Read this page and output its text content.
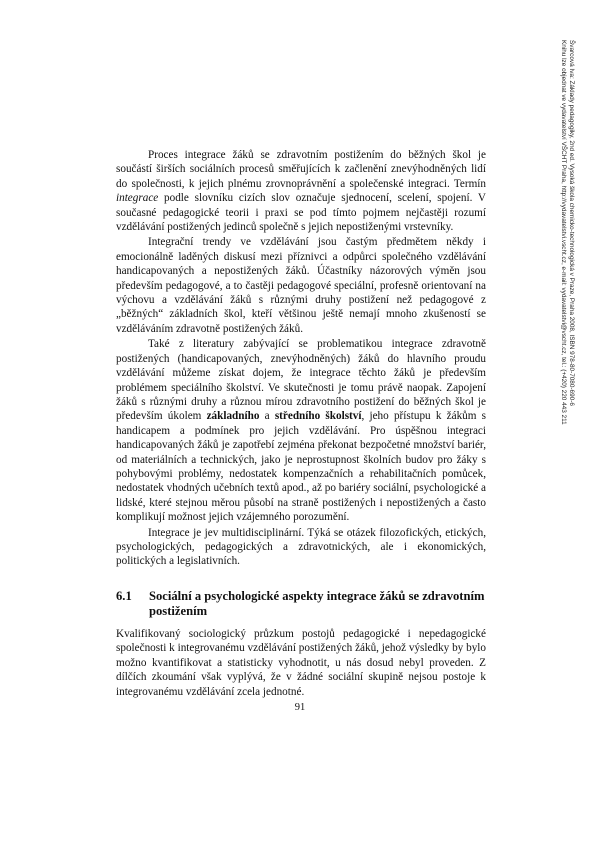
Švarcová Iva: Základy pedagogiky, 2nd ed. Vysoká škola chemicko-technologická v Praze, Praha 2008, ISBN 978-80-7080-690-6
Knihu lze objednat ve vydavatelství VŠCHT Praha, http://vydavatelstvi.vscht.cz, e-mail: vydavatelstvi@vscht.cz, tel.: (+420) 220 443 211

Proces integrace žáků se zdravotním postižením do běžných škol je součástí širších sociálních procesů směřujících k začlenění znevýhodněných lidí do společnosti, k jejich plnému zrovnoprávnění a společenské integraci. Termín integrace podle slovníku cizích slov označuje sjednocení, scelení, spojení. V současné pedagogické teorii i praxi se pod tímto pojmem nejčastěji rozumí vzdělávání postižených jedinců společně s jejich nepostiženými vrstevníky.

Integrační trendy ve vzdělávání jsou častým předmětem někdy i emocionálně laděných diskusí mezi příznivci a odpůrci společného vzdělávání handicapovaných a nepostižených žáků. Účastníky názorových výměn jsou především pedagogové, a to častěji pedagogové speciální, profesně orientovaní na výchovu a vzdělávání žáků s různými druhy postižení než pedagogové z „běžných“ základních škol, kteří většinou ještě nemají mnoho zkušeností se vzděláváním zdravotně postižených žáků.

Také z literatury zabývající se problematikou integrace zdravotně postižených (handicapovaných, znevýhodněných) žáků do hlavního proudu vzdělávání můžeme získat dojem, že integrace těchto žáků je především problémem speciálního školství. Ve skutečnosti je tomu právě naopak. Zapojení žáků s různými druhy a různou mírou zdravotního postižení do běžných škol je především úkolem základního a středního školství, jeho přístupu k žákům s handicapem a podmínek pro jejich vzdělávání. Pro úspěšnou integraci handicapovaných žáků je zapotřebí zejména překonat bezpočetné množství bariér, od materiálních a technických, jako je neprostupnost školních budov pro žáky s pohybovými problémy, nedostatek kompenzačních a rehabilitačních pomůcek, nedostatek vhodných učebních textů apod., až po bariéry sociální, psychologické a lidské, které stejnou měrou působí na straně postižených i nepostižených a často komplikují možnost jejich vzájemného porozumění.

Integrace je jev multidisciplinární. Týká se otázek filozofických, etických, psychologických, pedagogických a zdravotnických, ale i ekonomických, politických a legislativních.

6.1 Sociální a psychologické aspekty integrace žáků se zdravotním postižením

Kvalifikovaný sociologický průzkum postojů pedagogické i nepedagogické společnosti k integrovanému vzdělávání postižených žáků, jehož výsledky by bylo možno kvantifikovat a statisticky vyhodnotit, u nás dosud nebyl proveden. Z dílčích zkoumání však vyplývá, že v žádné sociální skupině nejsou postoje k integrovanému vzdělávání zcela jednotné.

91
